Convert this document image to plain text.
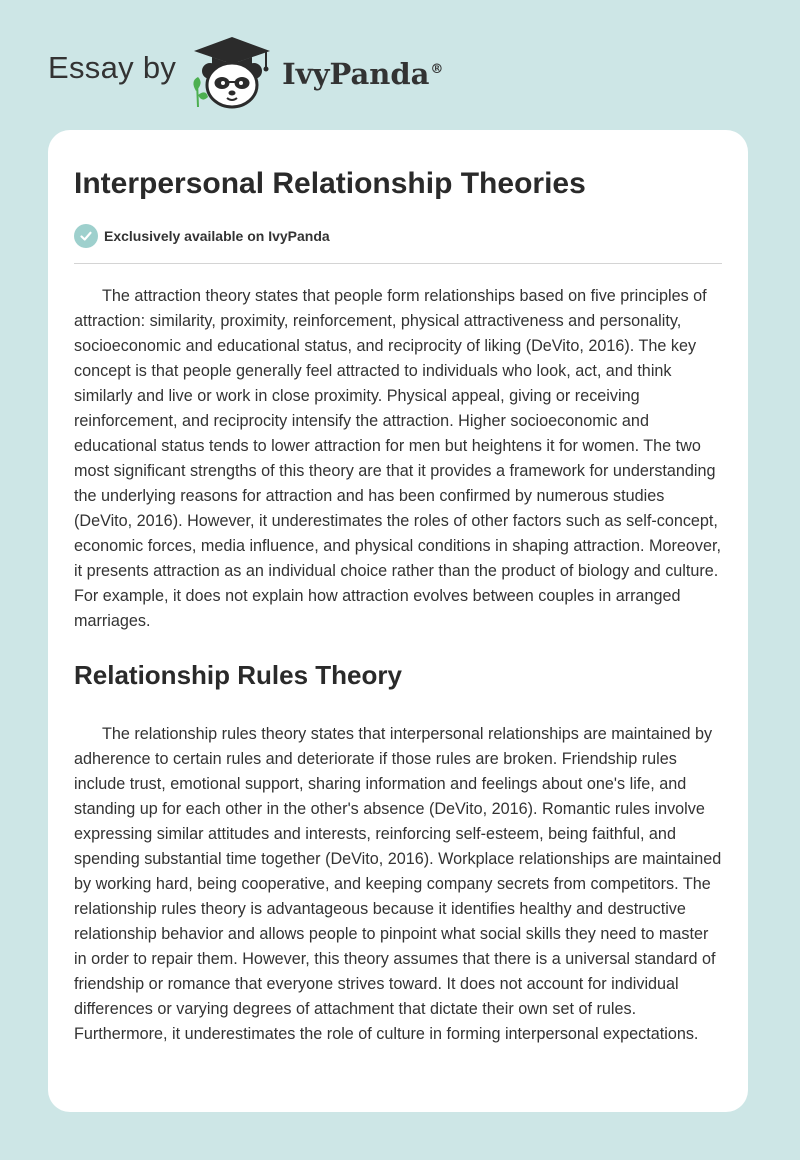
Essay by	IvyPanda®
Interpersonal Relationship Theories
Exclusively available on IvyPanda

The attraction theory states that people form relationships based on five principles of attraction: similarity, proximity, reinforcement, physical attractiveness and personality, socioeconomic and educational status, and reciprocity of liking (DeVito, 2016). The key concept is that people generally feel attracted to individuals who look, act, and think similarly and live or work in close proximity. Physical appeal, giving or receiving reinforcement, and reciprocity intensify the attraction. Higher socioeconomic and educational status tends to lower attraction for men but heightens it for women. The two most significant strengths of this theory are that it provides a framework for understanding the underlying reasons for attraction and has been confirmed by numerous studies (DeVito, 2016). However, it underestimates the roles of other factors such as self-concept, economic forces, media influence, and physical conditions in shaping attraction. Moreover, it presents attraction as an individual choice rather than the product of biology and culture. For example, it does not explain how attraction evolves between couples in arranged marriages.

Relationship Rules Theory

The relationship rules theory states that interpersonal relationships are maintained by adherence to certain rules and deteriorate if those rules are broken. Friendship rules include trust, emotional support, sharing information and feelings about one's life, and standing up for each other in the other's absence (DeVito, 2016). Romantic rules involve expressing similar attitudes and interests, reinforcing self-esteem, being faithful, and spending substantial time together (DeVito, 2016). Workplace relationships are maintained by working hard, being cooperative, and keeping company secrets from competitors. The relationship rules theory is advantageous because it identifies healthy and destructive relationship behavior and allows people to pinpoint what social skills they need to master in order to repair them. However, this theory assumes that there is a universal standard of friendship or romance that everyone strives toward. It does not account for individual differences or varying degrees of attachment that dictate their own set of rules. Furthermore, it underestimates the role of culture in forming interpersonal expectations.
